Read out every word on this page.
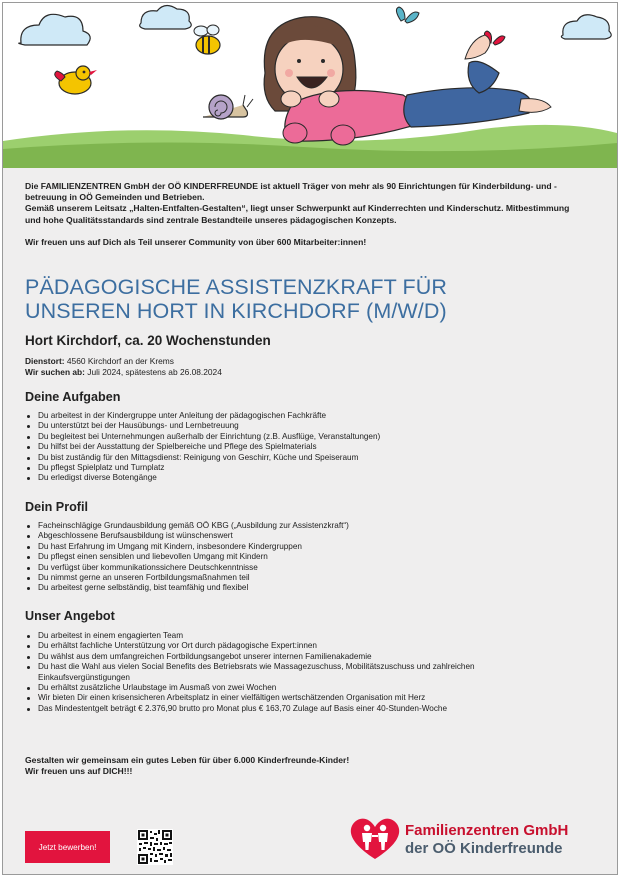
Die FAMILIENZENTREN GmbH der OÖ KINDERFREUNDE ist aktuell Träger von mehr als 90 Einrichtungen für Kinderbildung- und -betreuung in OÖ Gemeinden und Betrieben.

Gemäß unserem Leitsatz „Halten-Entfalten-Gestalten“, liegt unser Schwerpunkt auf Kinderrechten und Kinderschutz. Mitbestimmung und hohe Qualitätsstandards sind zentrale Bestandteile unseres pädagogischen Konzepts.

Wir freuen uns auf Dich als Teil unserer Community von über 600 Mitarbeiter:innen!

PÄDAGOGISCHE ASSISTENZKRAFT FÜR
UNSEREN HORT IN KIRCHDORF (M/W/D)

Hort Kirchdorf, ca. 20 Wochenstunden

Dienstort: 4560 Kirchdorf an der Krems
Wir suchen ab: Juli 2024, spätestens ab 26.08.2024
Deine Aufgaben
Du arbeitest in der Kindergruppe unter Anleitung der pädagogischen Fachkräfte
Du unterstützt bei der Hausübungs- und Lernbetreuung
Du begleitest bei Unternehmungen außerhalb der Einrichtung (z.B. Ausflüge, Veranstaltungen)
Du hilfst bei der Ausstattung der Spielbereiche und Pflege des Spielmaterials
Du bist zuständig für den Mittagsdienst: Reinigung von Geschirr, Küche und Speiseraum
Du pflegst Spielplatz und Turnplatz
Du erledigst diverse Botengänge
Dein Profil
Facheinschlägige Grundausbildung gemäß OÖ KBG („Ausbildung zur Assistenzkraft“)
Abgeschlossene Berufsausbildung ist wünschenswert
Du hast Erfahrung im Umgang mit Kindern, insbesondere Kindergruppen
Du pflegst einen sensiblen und liebevollen Umgang mit Kindern
Du verfügst über kommunikationssichere Deutschkenntnisse
Du nimmst gerne an unseren Fortbildungsmaßnahmen teil
Du arbeitest gerne selbständig, bist teamfähig und flexibel
Unser Angebot
Du arbeitest in einem engagierten Team
Du erhältst fachliche Unterstützung vor Ort durch pädagogische Expert:innen
Du wählst aus dem umfangreichen Fortbildungsangebot unserer internen Familienakademie
Du hast die Wahl aus vielen Social Benefits des Betriebsrats wie Massagezuschuss, Mobilitätszuschuss und zahlreichen Einkaufsvergünstigungen
Du erhältst zusätzliche Urlaubstage im Ausmaß von zwei Wochen
Wir bieten Dir einen krisensicheren Arbeitsplatz in einer vielfältigen wertschätzenden Organisation mit Herz
Das Mindestentgelt beträgt € 2.376,90 brutto pro Monat plus € 163,70 Zulage auf Basis einer 40-Stunden-Woche

Gestalten wir gemeinsam ein gutes Leben für über 6.000 Kinderfreunde-Kinder!

Wir freuen uns auf DICH!!!

Jetzt bewerben!
Familienzentren GmbH
der OÖ Kinderfreunde
